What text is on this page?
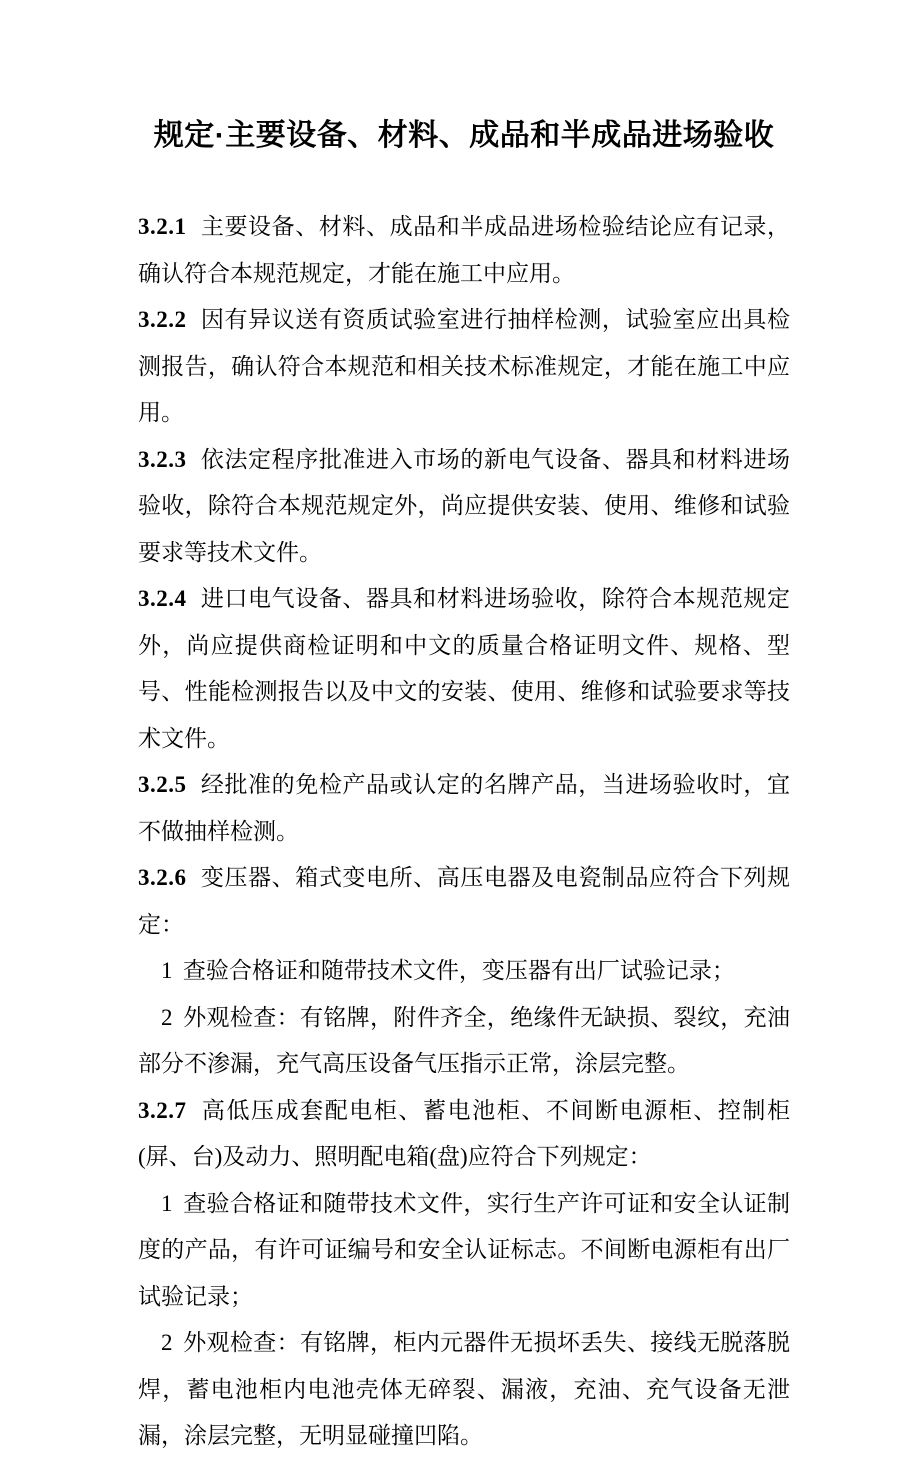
规定·主要设备、材料、成品和半成品进场验收

3.2.1 主要设备、材料、成品和半成品进场检验结论应有记录，确认符合本规范规定，才能在施工中应用。

3.2.2 因有异议送有资质试验室进行抽样检测，试验室应出具检测报告，确认符合本规范和相关技术标准规定，才能在施工中应用。

3.2.3 依法定程序批准进入市场的新电气设备、器具和材料进场验收，除符合本规范规定外，尚应提供安装、使用、维修和试验要求等技术文件。

3.2.4 进口电气设备、器具和材料进场验收，除符合本规范规定外，尚应提供商检证明和中文的质量合格证明文件、规格、型号、性能检测报告以及中文的安装、使用、维修和试验要求等技术文件。

3.2.5 经批准的免检产品或认定的名牌产品，当进场验收时，宜不做抽样检测。

3.2.6 变压器、箱式变电所、高压电器及电瓷制品应符合下列规定：

1 查验合格证和随带技术文件，变压器有出厂试验记录；

2 外观检查：有铭牌，附件齐全，绝缘件无缺损、裂纹，充油部分不渗漏，充气高压设备气压指示正常，涂层完整。

3.2.7 高低压成套配电柜、蓄电池柜、不间断电源柜、控制柜(屏、台)及动力、照明配电箱(盘)应符合下列规定：

1 查验合格证和随带技术文件，实行生产许可证和安全认证制度的产品，有许可证编号和安全认证标志。不间断电源柜有出厂试验记录；

2 外观检查：有铭牌，柜内元器件无损坏丢失、接线无脱落脱焊，蓄电池柜内电池壳体无碎裂、漏液，充油、充气设备无泄漏，涂层完整，无明显碰撞凹陷。
